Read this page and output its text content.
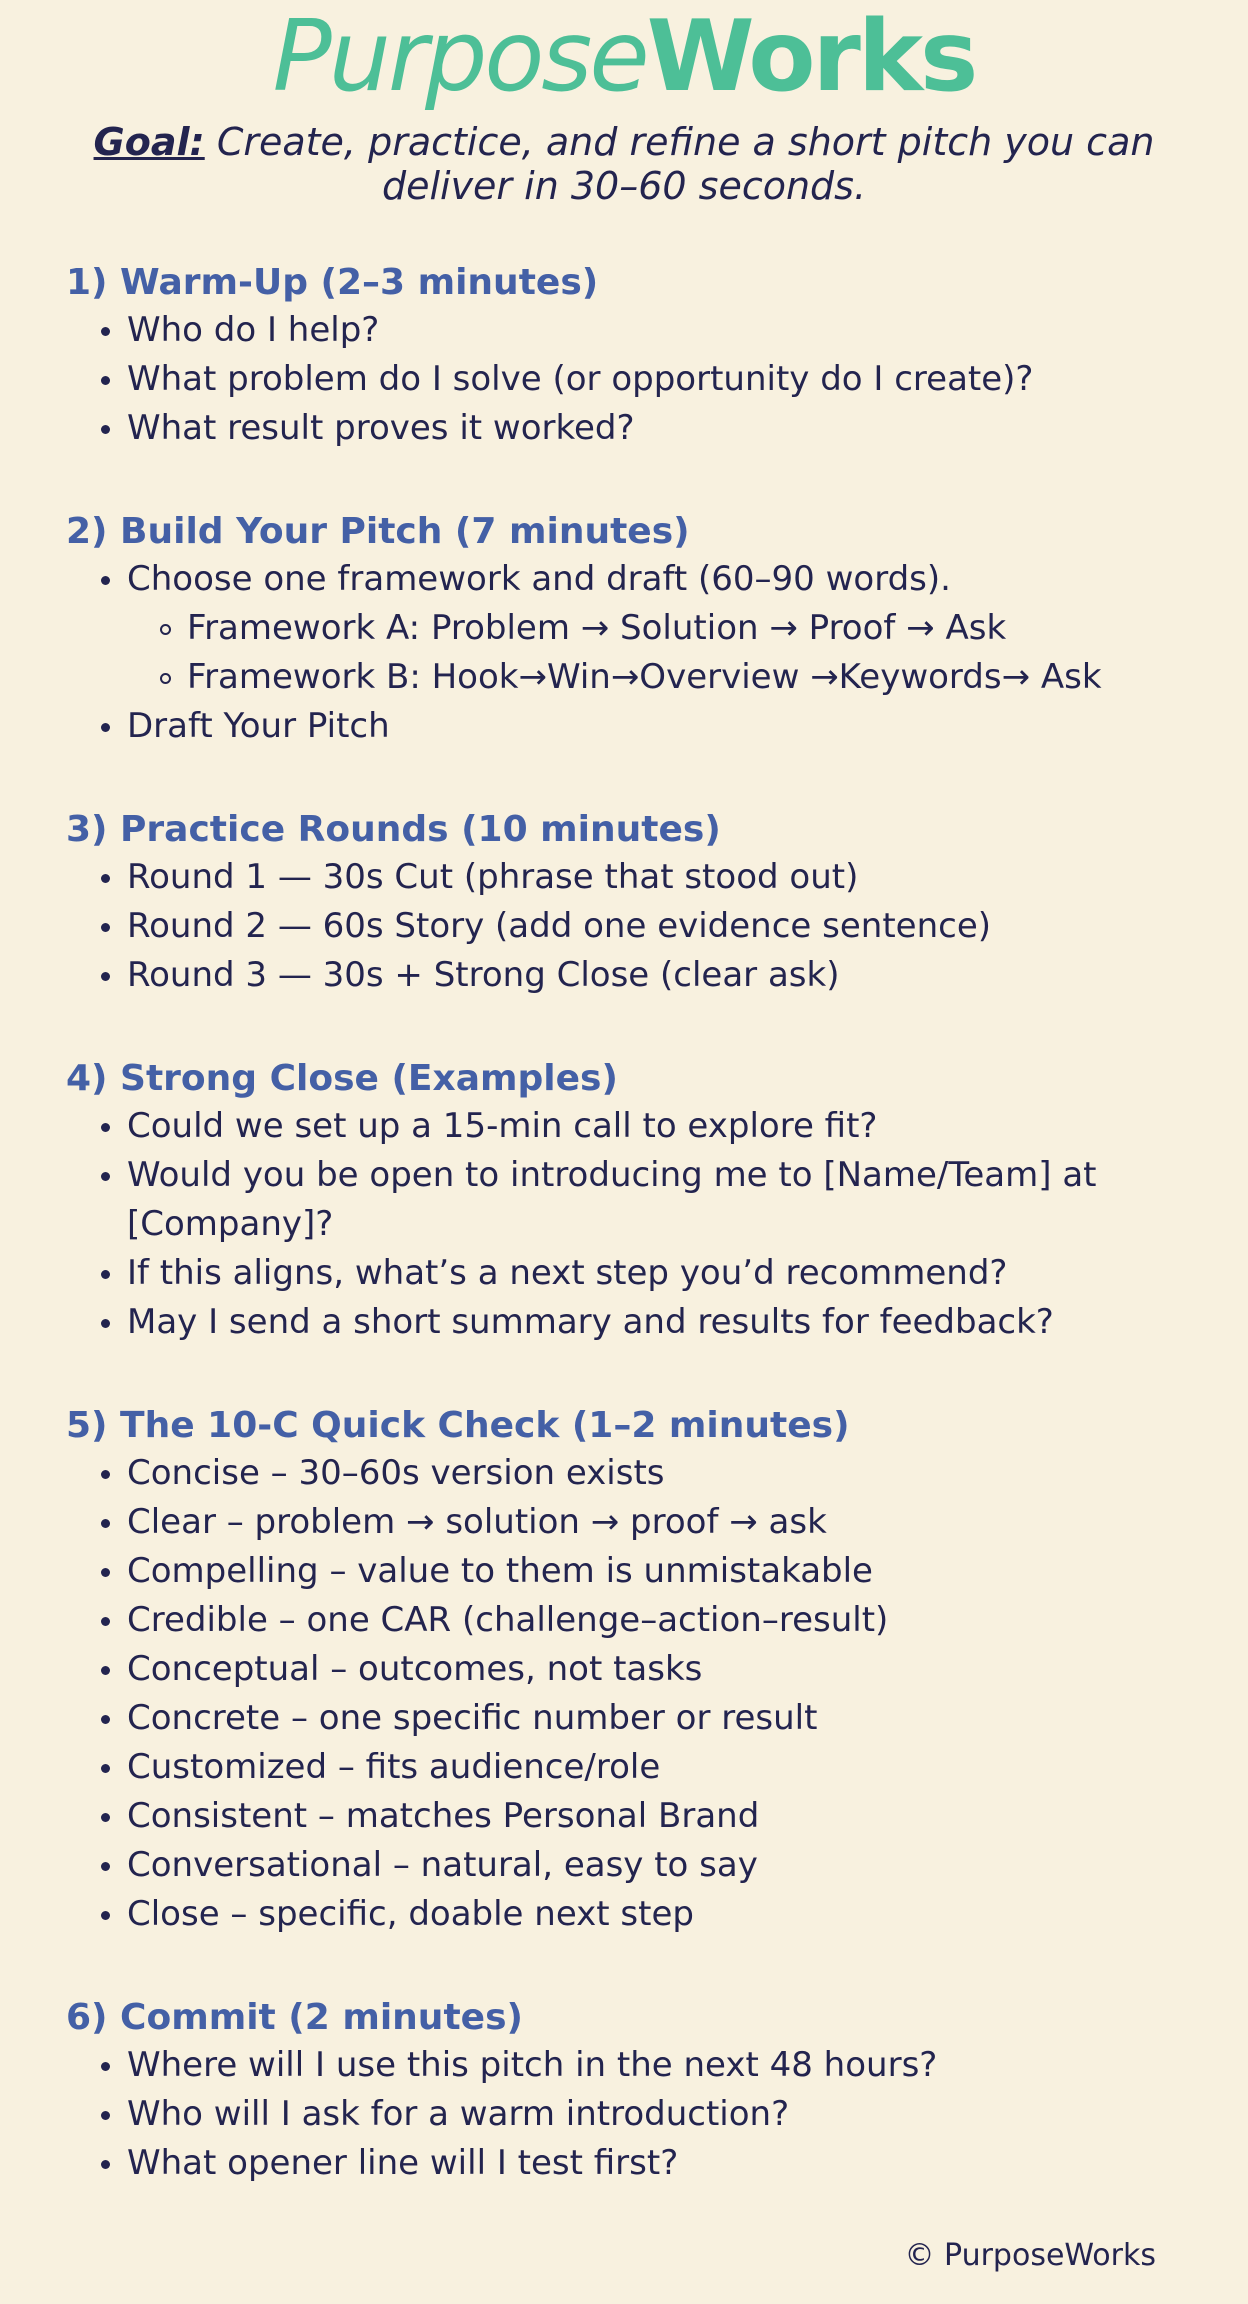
PurposeWorks
Goal: Create, practice, and refine a short pitch you can deliver in 30–60 seconds.
1) Warm-Up (2–3 minutes)
Who do I help?
What problem do I solve (or opportunity do I create)?
What result proves it worked?
2) Build Your Pitch (7 minutes)
Choose one framework and draft (60–90 words).
Framework A: Problem → Solution → Proof → Ask
Framework B: Hook→Win→Overview →Keywords→ Ask
Draft Your Pitch
3) Practice Rounds (10 minutes)
Round 1 — 30s Cut (phrase that stood out)
Round 2 — 60s Story (add one evidence sentence)
Round 3 — 30s + Strong Close (clear ask)
4) Strong Close (Examples)
Could we set up a 15-min call to explore fit?
Would you be open to introducing me to [Name/Team] at [Company]?
If this aligns, what’s a next step you’d recommend?
May I send a short summary and results for feedback?
5) The 10-C Quick Check (1–2 minutes)
Concise – 30–60s version exists
Clear – problem → solution → proof → ask
Compelling – value to them is unmistakable
Credible – one CAR (challenge–action–result)
Conceptual – outcomes, not tasks
Concrete – one specific number or result
Customized – fits audience/role
Consistent – matches Personal Brand
Conversational – natural, easy to say
Close – specific, doable next step
6) Commit (2 minutes)
Where will I use this pitch in the next 48 hours?
Who will I ask for a warm introduction?
What opener line will I test first?
© PurposeWorks
